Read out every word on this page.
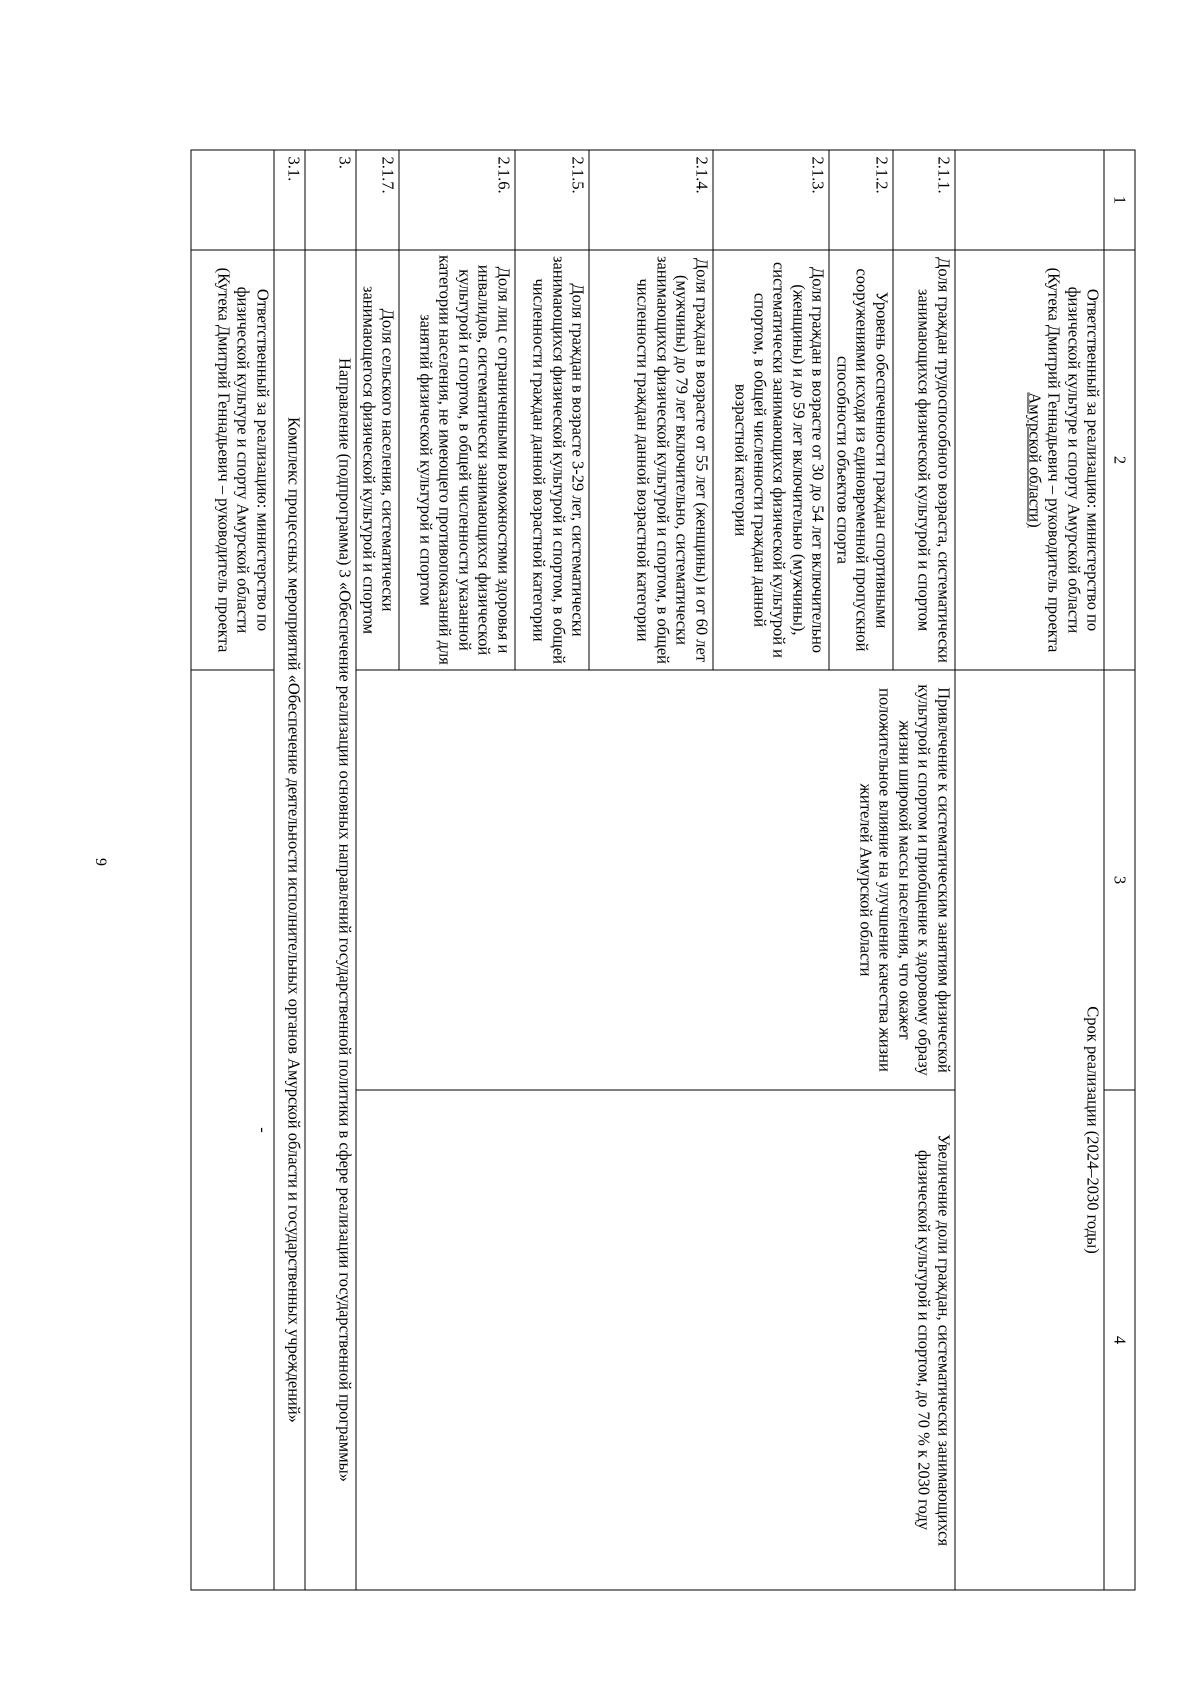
9
1	2	3	4

	Ответственный за реализацию: министерство по
физической культуре и спорту Амурской области
(Кутека Дмитрий Геннадьевич – руководитель проекта
Амурской области)	Срок реализации (2024–2030 годы)	
2.1.1.	Доля граждан трудоспособного возраста, систематически занимающихся физической культурой и спортом	Привлечение к систематическим занятиям физической культурой и спортом и приобщение к здоровому образу жизни широкой массы населения, что окажет положительное влияние на улучшение качества жизни жителей Амурской области	Увеличение доли граждан, систематически занимающихся физической культурой и спортом, до 70 % к 2030 году
2.1.2.	Уровень обеспеченности граждан спортивными сооружениями исходя из единовременной пропускной способности объектов спорта		
2.1.3.	Доля граждан в возрасте от 30 до 54 лет включительно (женщины) и до 59 лет включительно (мужчины), систематически занимающихся физической культурой и спортом, в общей численности граждан данной возрастной категории		
2.1.4.	Доля граждан в возрасте от 55 лет (женщины) и от 60 лет (мужчины) до 79 лет включительно, систематически занимающихся физической культурой и спортом, в общей численности граждан данной возрастной категории		
2.1.5.	Доля граждан в возрасте 3-29 лет, систематически занимающихся физической культурой и спортом, в общей численности граждан данной возрастной категории		
2.1.6.	Доля лиц с ограниченными возможностями здоровья и инвалидов, систематически занимающихся физической культурой и спортом, в общей численности указанной категории населения, не имеющего противопоказаний для занятий физической культурой и спортом		
2.1.7.	Доля сельского населения, систематически занимающегося физической культурой и спортом		
3.	Направление (подпрограмма) 3 «Обеспечение реализации основных направлений государственной политики в сфере реализации государственной программы»		
3.1.	Комплекс процессных мероприятий «Обеспечение деятельности исполнительных органов Амурской области и государственных учреждений»		

	Ответственный за реализацию: министерство по
физической культуре и спорту Амурской области
(Кутека Дмитрий Геннадьевич – руководитель проекта	-	
